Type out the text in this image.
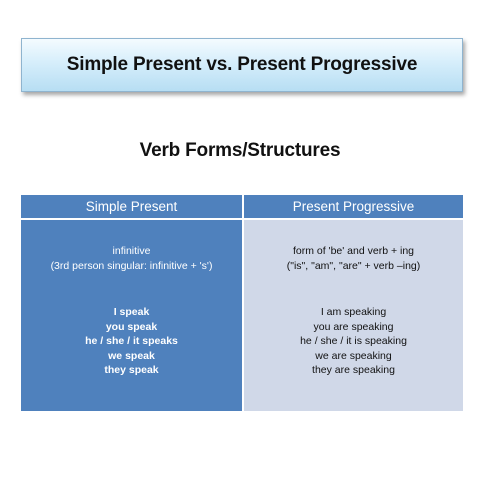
Simple Present vs. Present Progressive
Verb Forms/Structures
Simple Present	Present Progressive
infinitive
(3rd person singular: infinitive + 's')
I speak
you speak
he / she / it speaks
we speak
they speak
form of 'be' and verb + ing
("is", "am", "are" + verb –ing)
I am speaking
you are speaking
he / she / it is speaking
we are speaking
they are speaking
